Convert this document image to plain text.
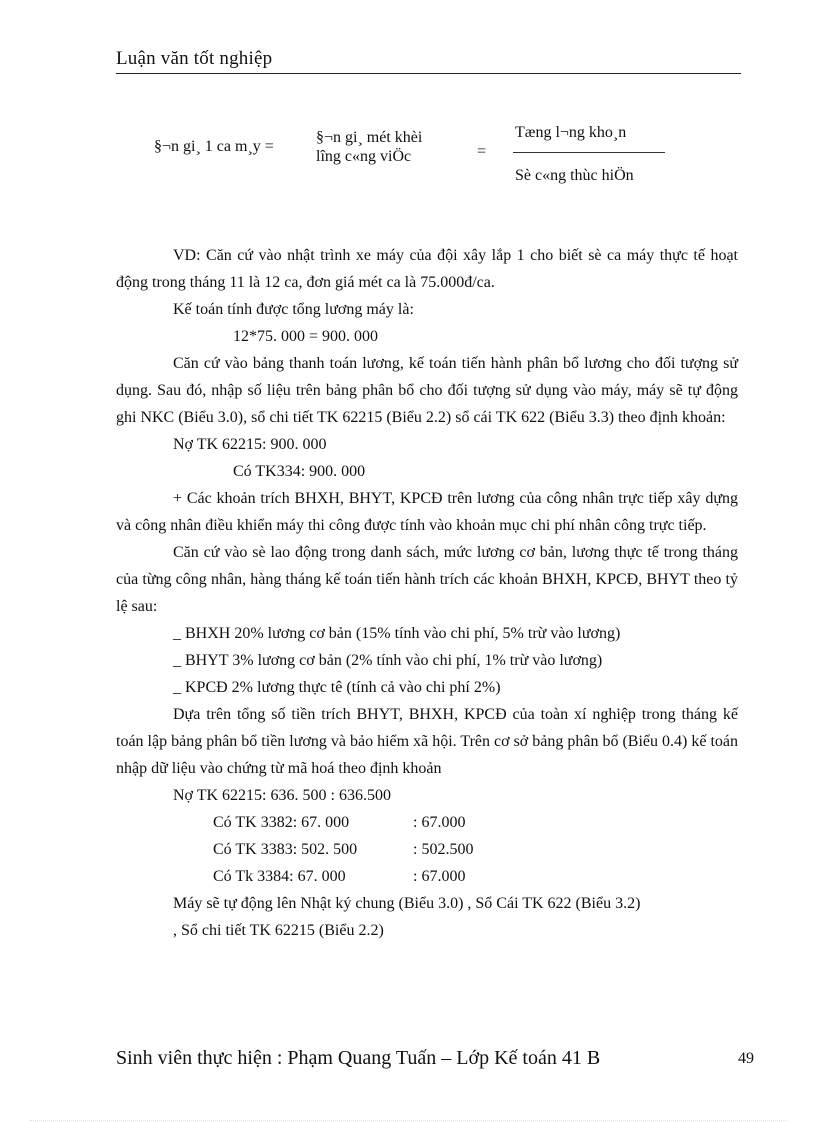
Luận văn tốt nghiệp
§¬n gi¸ 1 ca m¸y =
§¬n gi¸ mét khèi
lîng c«ng viÖc	=
Tæng l¬ng kho¸n
Sè c«ng thùc hiÖn

VD: Căn cứ vào nhật trình xe máy của đội xây lắp 1 cho biết sè ca máy thực tế hoạt động trong tháng 11 là 12 ca, đơn giá mét ca là 75.000đ/ca.

Kế toán tính được tổng lương máy là:

12*75. 000 = 900. 000

Căn cứ vào bảng thanh toán lương, kế toán tiến hành phân bổ lương cho đối tượng sử dụng. Sau đó, nhập số liệu trên bảng phân bổ cho đối tượng sử dụng vào máy, máy sẽ tự động ghi NKC (Biểu 3.0), sổ chi tiết TK 62215 (Biểu 2.2) sổ cái TK 622 (Biểu 3.3) theo định khoản:

Nợ TK 62215: 900. 000

Có TK334: 900. 000

+ Các khoản trích BHXH, BHYT, KPCĐ trên lương của công nhân trực tiếp xây dựng và công nhân điều khiển máy thi công được tính vào khoản mục chi phí nhân công trực tiếp.

Căn cứ vào sè lao động trong danh sách, mức lương cơ bản, lương thực tế trong tháng của từng công nhân, hàng tháng kế toán tiến hành trích các khoản BHXH, KPCĐ, BHYT theo tỷ lệ sau:

_ BHXH 20% lương cơ bản (15% tính vào chi phí, 5% trừ vào lương)

_ BHYT 3% lương cơ bản (2% tính vào chi phí, 1% trừ vào lương)

_ KPCĐ 2% lương thực tê (tính cả vào chi phí 2%)

Dựa trên tổng số tiền trích BHYT, BHXH, KPCĐ của toàn xí nghiệp trong tháng kế toán lập bảng phân bổ tiền lương và bảo hiểm xã hội. Trên cơ sở bảng phân bổ (Biểu 0.4) kế toán nhập dữ liệu vào chứng từ mã hoá theo định khoản

Nợ TK 62215: 636. 500 : 636.500

Có TK 3382: 67. 000	: 67.000
Có TK 3383: 502. 500	: 502.500
Có Tk 3384: 67. 000	: 67.000

Máy sẽ tự động lên Nhật ký chung (Biểu 3.0) , Sổ Cái TK 622 (Biểu 3.2)

, Sổ chi tiết TK 62215 (Biểu 2.2)

Sinh viên thực hiện : Phạm Quang Tuấn – Lớp Kế toán 41 B	49
